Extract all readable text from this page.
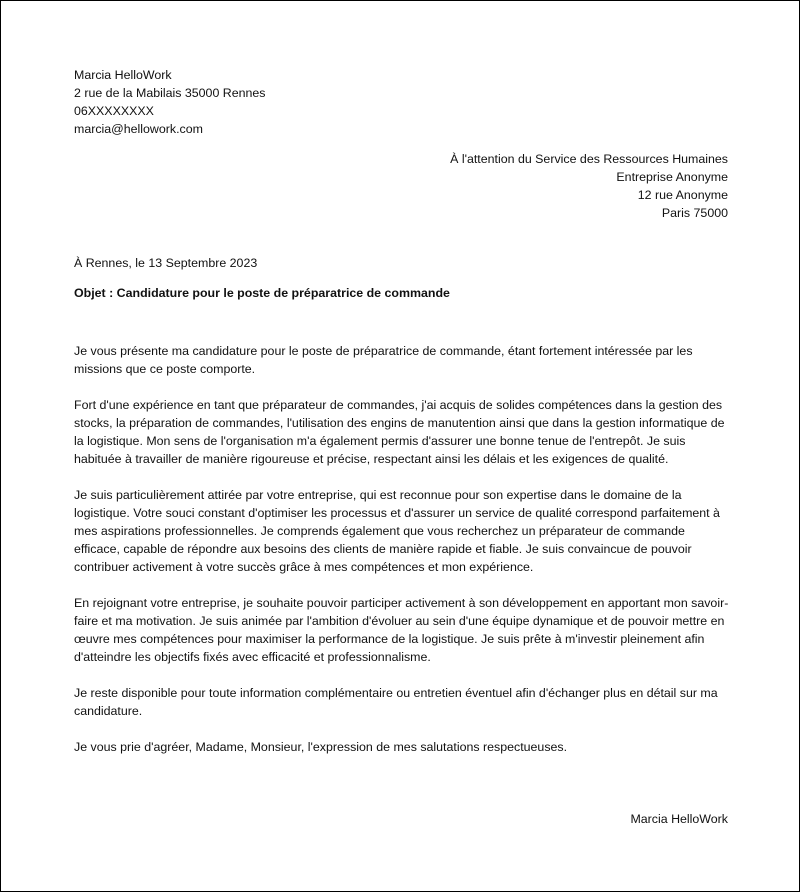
Marcia HelloWork
2 rue de la Mabilais 35000 Rennes
06XXXXXXXX
marcia@hellowork.com
À l'attention du Service des Ressources Humaines
Entreprise Anonyme
12 rue Anonyme
Paris 75000
À Rennes, le 13 Septembre 2023
Objet : Candidature pour le poste de préparatrice de commande

Je vous présente ma candidature pour le poste de préparatrice de commande, étant fortement intéressée par les missions que ce poste comporte.

Fort d'une expérience en tant que préparateur de commandes, j'ai acquis de solides compétences dans la gestion des stocks, la préparation de commandes, l'utilisation des engins de manutention ainsi que dans la gestion informatique de la logistique. Mon sens de l'organisation m'a également permis d'assurer une bonne tenue de l'entrepôt. Je suis habituée à travailler de manière rigoureuse et précise, respectant ainsi les délais et les exigences de qualité.

Je suis particulièrement attirée par votre entreprise, qui est reconnue pour son expertise dans le domaine de la logistique. Votre souci constant d'optimiser les processus et d'assurer un service de qualité correspond parfaitement à mes aspirations professionnelles. Je comprends également que vous recherchez un préparateur de commande efficace, capable de répondre aux besoins des clients de manière rapide et fiable. Je suis convaincue de pouvoir contribuer activement à votre succès grâce à mes compétences et mon expérience.

En rejoignant votre entreprise, je souhaite pouvoir participer activement à son développement en apportant mon savoir-faire et ma motivation. Je suis animée par l'ambition d'évoluer au sein d'une équipe dynamique et de pouvoir mettre en œuvre mes compétences pour maximiser la performance de la logistique. Je suis prête à m'investir pleinement afin d'atteindre les objectifs fixés avec efficacité et professionnalisme.

Je reste disponible pour toute information complémentaire ou entretien éventuel afin d'échanger plus en détail sur ma candidature.

Je vous prie d'agréer, Madame, Monsieur, l'expression de mes salutations respectueuses.

Marcia HelloWork
